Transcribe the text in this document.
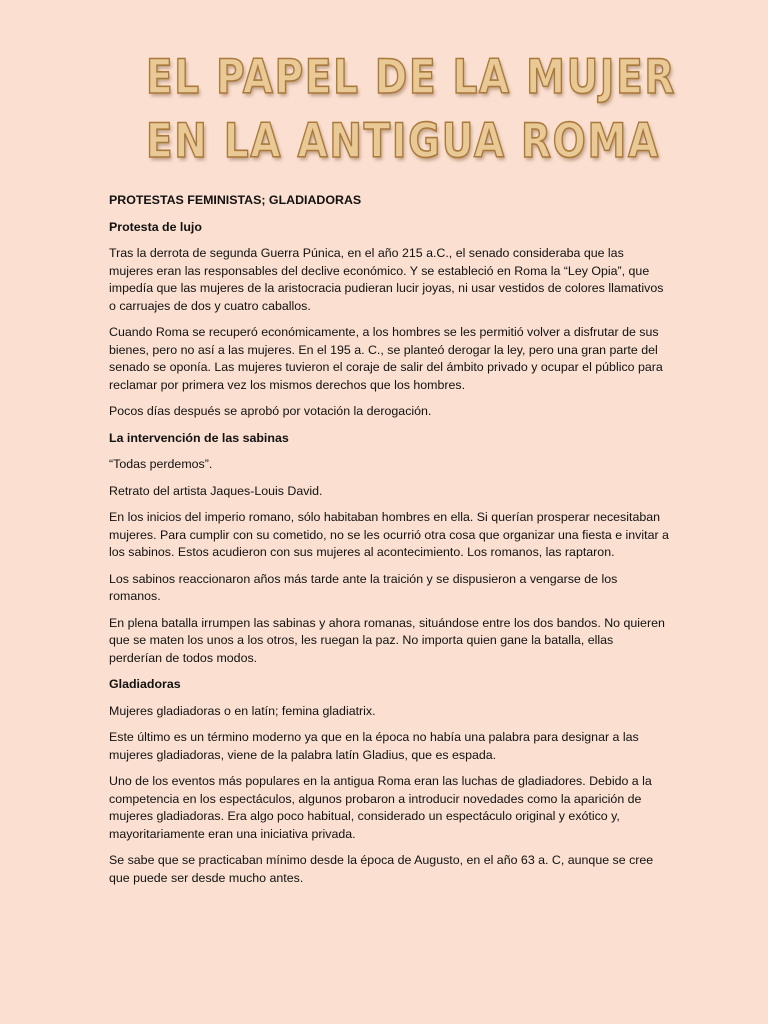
EL PAPEL DE LA MUJER
EN LA ANTIGUA ROMA

PROTESTAS FEMINISTAS; GLADIADORAS

Protesta de lujo

Tras la derrota de segunda Guerra Púnica, en el año 215 a.C., el senado consideraba que las mujeres eran las responsables del declive económico. Y se estableció en Roma la “Ley Opia”, que impedía que las mujeres de la aristocracia pudieran lucir joyas, ni usar vestidos de colores llamativos o carruajes de dos y cuatro caballos.

Cuando Roma se recuperó económicamente, a los hombres se les permitió volver a disfrutar de sus bienes, pero no así a las mujeres. En el 195 a. C., se planteó derogar la ley, pero una gran parte del senado se oponía. Las mujeres tuvieron el coraje de salir del ámbito privado y ocupar el público para reclamar por primera vez los mismos derechos que los hombres.

Pocos días después se aprobó por votación la derogación.

La intervención de las sabinas

“Todas perdemos”.

Retrato del artista Jaques-Louis David.

En los inicios del imperio romano, sólo habitaban hombres en ella. Si querían prosperar necesitaban mujeres. Para cumplir con su cometido, no se les ocurrió otra cosa que organizar una fiesta e invitar a los sabinos. Estos acudieron con sus mujeres al acontecimiento. Los romanos, las raptaron.

Los sabinos reaccionaron años más tarde ante la traición y se dispusieron a vengarse de los romanos.

En plena batalla irrumpen las sabinas y ahora romanas, situándose entre los dos bandos. No quieren que se maten los unos a los otros, les ruegan la paz. No importa quien gane la batalla, ellas perderían de todos modos.

Gladiadoras

Mujeres gladiadoras o en latín; femina gladiatrix.

Este último es un término moderno ya que en la época no había una palabra para designar a las mujeres gladiadoras, viene de la palabra latín Gladius, que es espada.

Uno de los eventos más populares en la antigua Roma eran las luchas de gladiadores. Debido a la competencia en los espectáculos, algunos probaron a introducir novedades como la aparición de mujeres gladiadoras. Era algo poco habitual, considerado un espectáculo original y exótico y, mayoritariamente eran una iniciativa privada.

Se sabe que se practicaban mínimo desde la época de Augusto, en el año 63 a. C, aunque se cree que puede ser desde mucho antes.
